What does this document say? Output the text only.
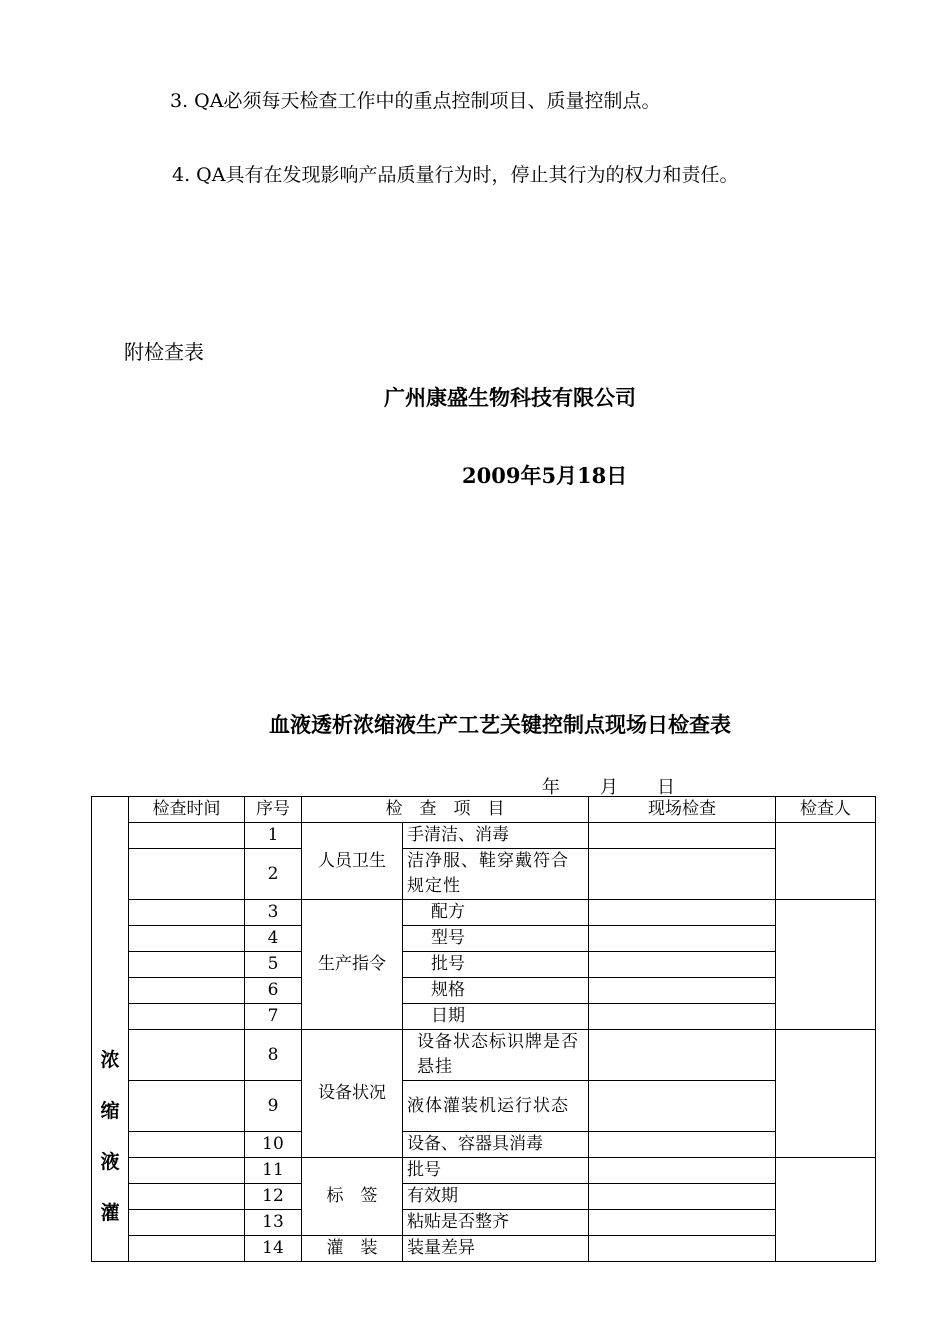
3. QA必须每天检查工作中的重点控制项目、质量控制点。
4. QA具有在发现影响产品质量行为时，停止其行为的权力和责任。
附检查表
广州康盛生物科技有限公司
2009年5月18日
血液透析浓缩液生产工艺关键控制点现场日检查表
年 月 日
浓
缩
液
灌	检查时间	序号	检　查　项　目		现场检查	检查人
		1	人员卫生	手清洁、消毒		
		2		洁净服、鞋穿戴符合规定性		
		3	生产指令	配方		
		4		型号		
		5		批号		
		6		规格		
		7		日期		
		8	设备状况	设备状态标识牌是否悬挂		
		9		液体灌装机运行状态		
		10		设备、容器具消毒		
		11	标　签	批号		
		12		有效期		
		13		粘贴是否整齐		
		14	灌　装	装量差异		
